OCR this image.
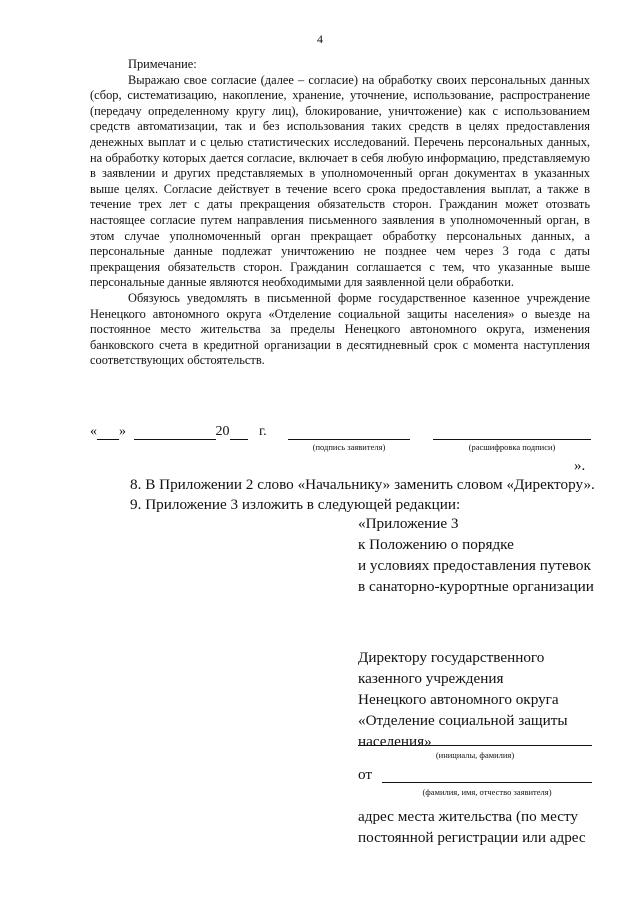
4

Примечание:

Выражаю свое согласие (далее – согласие) на обработку своих персональных данных (сбор, систематизацию, накопление, хранение, уточнение, использование, распространение (передачу определенному кругу лиц), блокирование, уничтожение) как с использованием средств автоматизации, так и без использования таких средств в целях предоставления денежных выплат и с целью статистических исследований. Перечень персональных данных, на обработку которых дается согласие, включает в себя любую информацию, представляемую в заявлении и других представляемых в уполномоченный орган документах в указанных выше целях. Согласие действует в течение всего срока предоставления выплат, а также в течение трех лет с даты прекращения обязательств сторон. Гражданин может отозвать настоящее согласие путем направления письменного заявления в уполномоченный орган, в этом случае уполномоченный орган прекращает обработку персональных данных, а персональные данные подлежат уничтожению не позднее чем через 3 года с даты прекращения обязательств сторон. Гражданин соглашается с тем, что указанные выше персональные данные являются необходимыми для заявленной цели обработки.

Обязуюсь уведомлять в письменной форме государственное казенное учреждение Ненецкого автономного округа «Отделение социальной защиты населения» о выезде на постоянное место жительства за пределы Ненецкого автономного округа, изменения банковского счета в кредитной организации в десятидневный срок с момента наступления соответствующих обстоятельств.

« »	20 г.
(подпись заявителя)	(расшифровка подписи)
».
8. В Приложении 2 слово «Начальнику» заменить словом «Директору».
9. Приложение 3 изложить в следующей редакции:
«Приложение 3
к Положению о порядке
и условиях предоставления путевок
в санаторно-курортные организации
Директору государственного
казенного учреждения
Ненецкого автономного округа
«Отделение социальной защиты
населения»
(инициалы, фамилия)
от
(фамилия, имя, отчество заявителя)
адрес места жительства (по месту
постоянной регистрации или адрес
